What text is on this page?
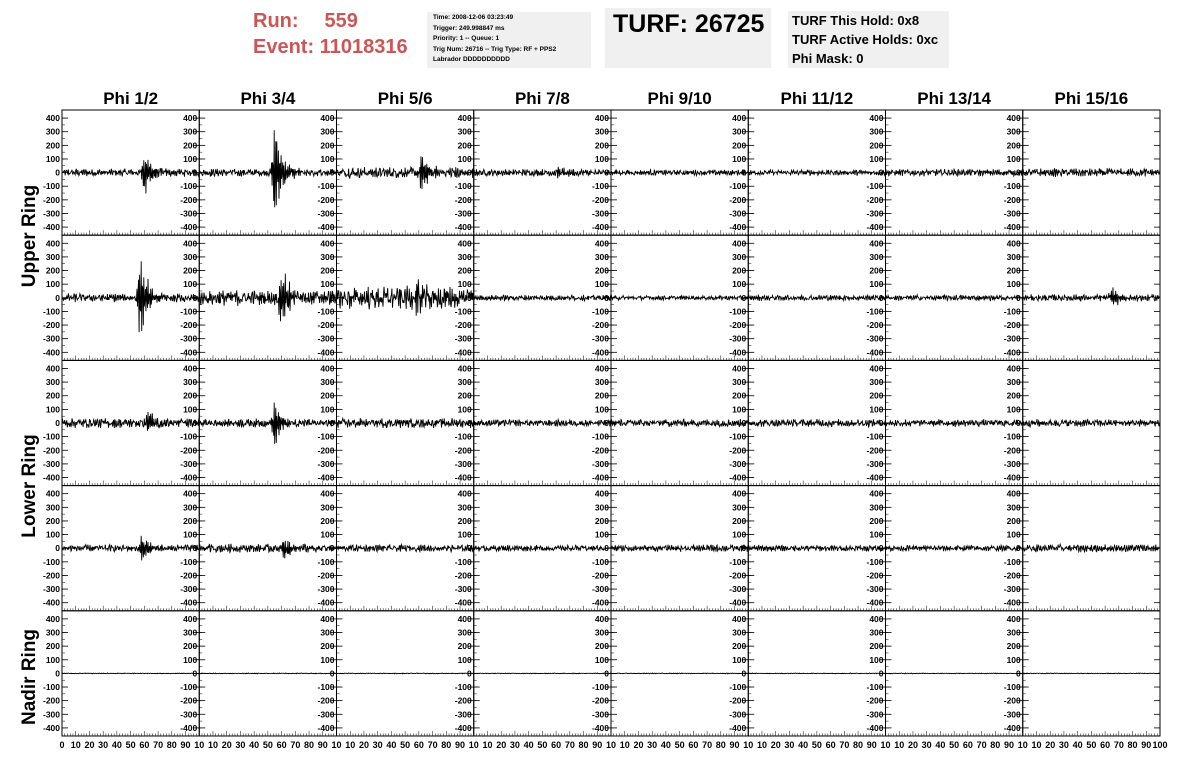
Run: 559
Event: 11018316
Time: 2008-12-06 03:23:49
Trigger: 249.998847 ms
Priority: 1 -- Queue: 1
Trig Num: 26716 -- Trig Type: RF + PPS2
Labrador DDDDDDDDDD
TURF: 26725	TURF This Hold: 0x8
TURF Active Holds: 0xc
Phi Mask: 0
Upper Ring
Lower Ring
Nadir Ring
Phi 1/2	Phi 3/4	Phi 5/6	Phi 7/8	Phi 9/10	Phi 11/12	Phi 13/14	Phi 15/16
400
300
200
100
0
-100
-200
-300
-400
400
300
200
100
0
-100
-200
-300
-400
400
300
200
100
0
-100
-200
-300
-400
400
300
200
100
0
-100
-200
-300
-400
400
300
200
100
0
-100
-200
-300
-400
400
300
200
100
0
-100
-200
-300
-400
400
300
200
100
0
-100
-200
-300
-400
400
300
200
100
0
-100
-200
-300
-400
400
300
200
100
0
-100
-200
-300
-400
400
300
200
100
0
-100
-200
-300
-400
400
300
200
100
0
-100
-200
-300
-400
400
300
200
100
0
-100
-200
-300
-400
400
300
200
100
0
-100
-200
-300
-400
400
300
200
100
0
-100
-200
-300
-400
400
300
200
100
0
-100
-200
-300
-400
400
300
200
100
0
-100
-200
-300
-400
400
300
200
100
0
-100
-200
-300
-400
400
300
200
100
0
-100
-200
-300
-400
400
300
200
100
0
-100
-200
-300
-400
400
300
200
100
0
-100
-200
-300
-400
400
300
200
100
0
-100
-200
-300
-400
400
300
200
100
0
-100
-200
-300
-400
400
300
200
100
0
-100
-200
-300
-400
400
300
200
100
0
-100
-200
-300
-400
400
300
200
100
0
-100
-200
-300
-400
400
300
200
100
0
-100
-200
-300
-400
400
300
200
100
0
-100
-200
-300
-400
400
300
200
100
0
-100
-200
-300
-400
400
300
200
100
0
-100
-200
-300
-400
400
300
200
100
0
-100
-200
-300
-400
400
300
200
100
0
-100
-200
-300
-400
400
300
200
100
0
-100
-200
-300
-400
400
300
200
100
0
-100
-200
-300
-400
400
300
200
100
0
-100
-200
-300
-400
400
300
200
100
0
-100
-200
-300
-400
400
300
200
100
0
-100
-200
-300
-400
400
300
200
100
0
-100
-200
-300
-400
400
300
200
100
0
-100
-200
-300
-400
400
300
200
100
0
-100
-200
-300
-400
400
300
200
100
0
-100
-200
-300
-400
0 10 20 30 40 50 60 70 80 90 10 10 20 30 40 50 60 70 80 90 10 10 20 30 40 50 60 70 80 90 10 10 20 30 40 50 60 70 80 90 10 10 20 30 40 50 60 70 80 90 10 10 20 30 40 50 60 70 80 90 10 10 20 30 40 50 60 70 80 90 10 10 20 30 40 50 60 70 80 90 100
